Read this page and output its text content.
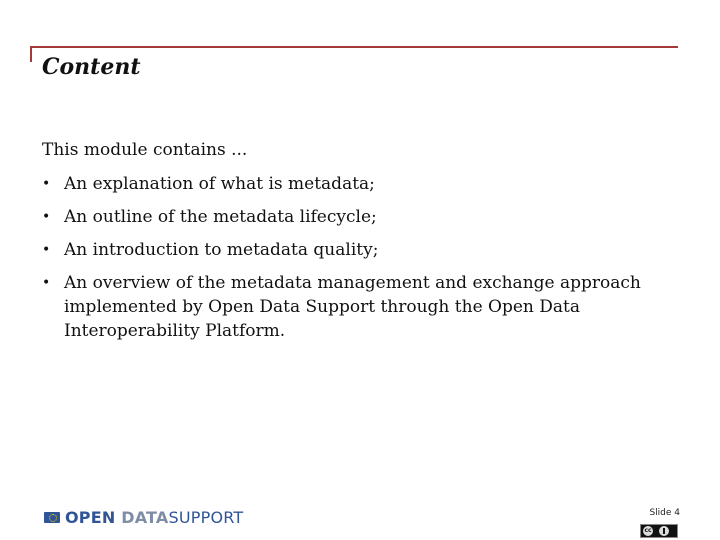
Content
This module contains ...
• An explanation of what is metadata;
• An outline of the metadata lifecycle;
• An introduction to metadata quality;
• An overview of the metadata management and exchange approach implemented by Open Data Support through the Open Data Interoperability Platform.
OPEN DATASUPPORT	Slide 4
cc
